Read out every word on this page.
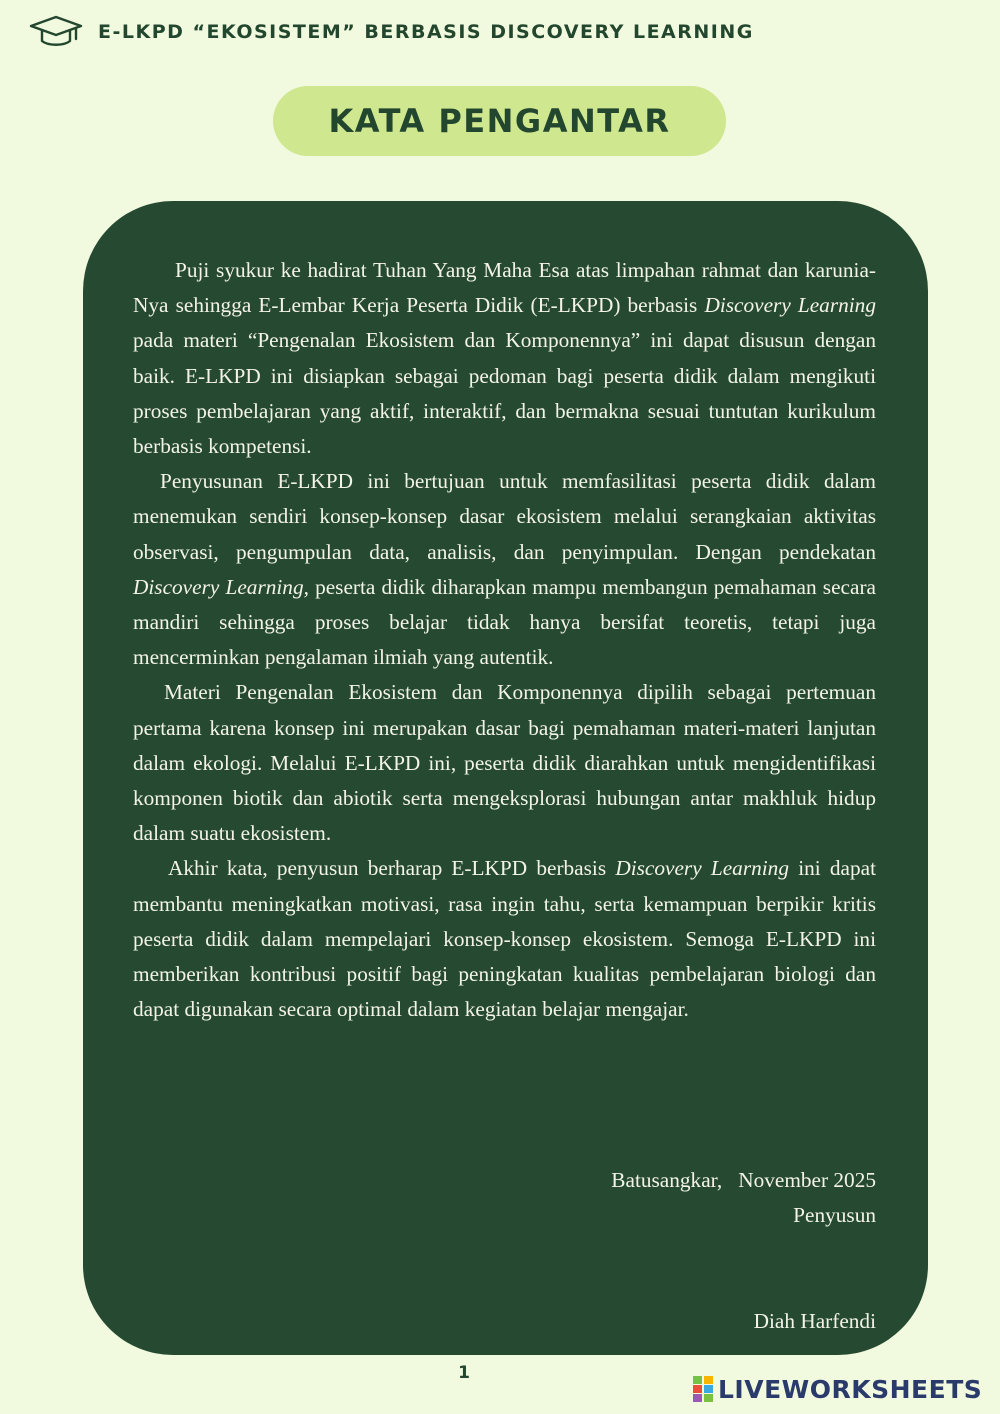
E-LKPD “EKOSISTEM” BERBASIS DISCOVERY LEARNING
KATA PENGANTAR

Puji syukur ke hadirat Tuhan Yang Maha Esa atas limpahan rahmat dan karunia-Nya sehingga E-Lembar Kerja Peserta Didik (E-LKPD) berbasis Discovery Learning pada materi “Pengenalan Ekosistem dan Komponennya” ini dapat disusun dengan baik. E-LKPD ini disiapkan sebagai pedoman bagi peserta didik dalam mengikuti proses pembelajaran yang aktif, interaktif, dan bermakna sesuai tuntutan kurikulum berbasis kompetensi.

Penyusunan E-LKPD ini bertujuan untuk memfasilitasi peserta didik dalam menemukan sendiri konsep-konsep dasar ekosistem melalui serangkaian aktivitas observasi, pengumpulan data, analisis, dan penyimpulan. Dengan pendekatan Discovery Learning, peserta didik diharapkan mampu membangun pemahaman secara mandiri sehingga proses belajar tidak hanya bersifat teoretis, tetapi juga mencerminkan pengalaman ilmiah yang autentik.

Materi Pengenalan Ekosistem dan Komponennya dipilih sebagai pertemuan pertama karena konsep ini merupakan dasar bagi pemahaman materi-materi lanjutan dalam ekologi. Melalui E-LKPD ini, peserta didik diarahkan untuk mengidentifikasi komponen biotik dan abiotik serta mengeksplorasi hubungan antar makhluk hidup dalam suatu ekosistem.

Akhir kata, penyusun berharap E-LKPD berbasis Discovery Learning ini dapat membantu meningkatkan motivasi, rasa ingin tahu, serta kemampuan berpikir kritis peserta didik dalam mempelajari konsep-konsep ekosistem. Semoga E-LKPD ini memberikan kontribusi positif bagi peningkatan kualitas pembelajaran biologi dan dapat digunakan secara optimal dalam kegiatan belajar mengajar.

Batusangkar,   November 2025
Penyusun
Diah Harfendi
1
LIVEWORKSHEETS
